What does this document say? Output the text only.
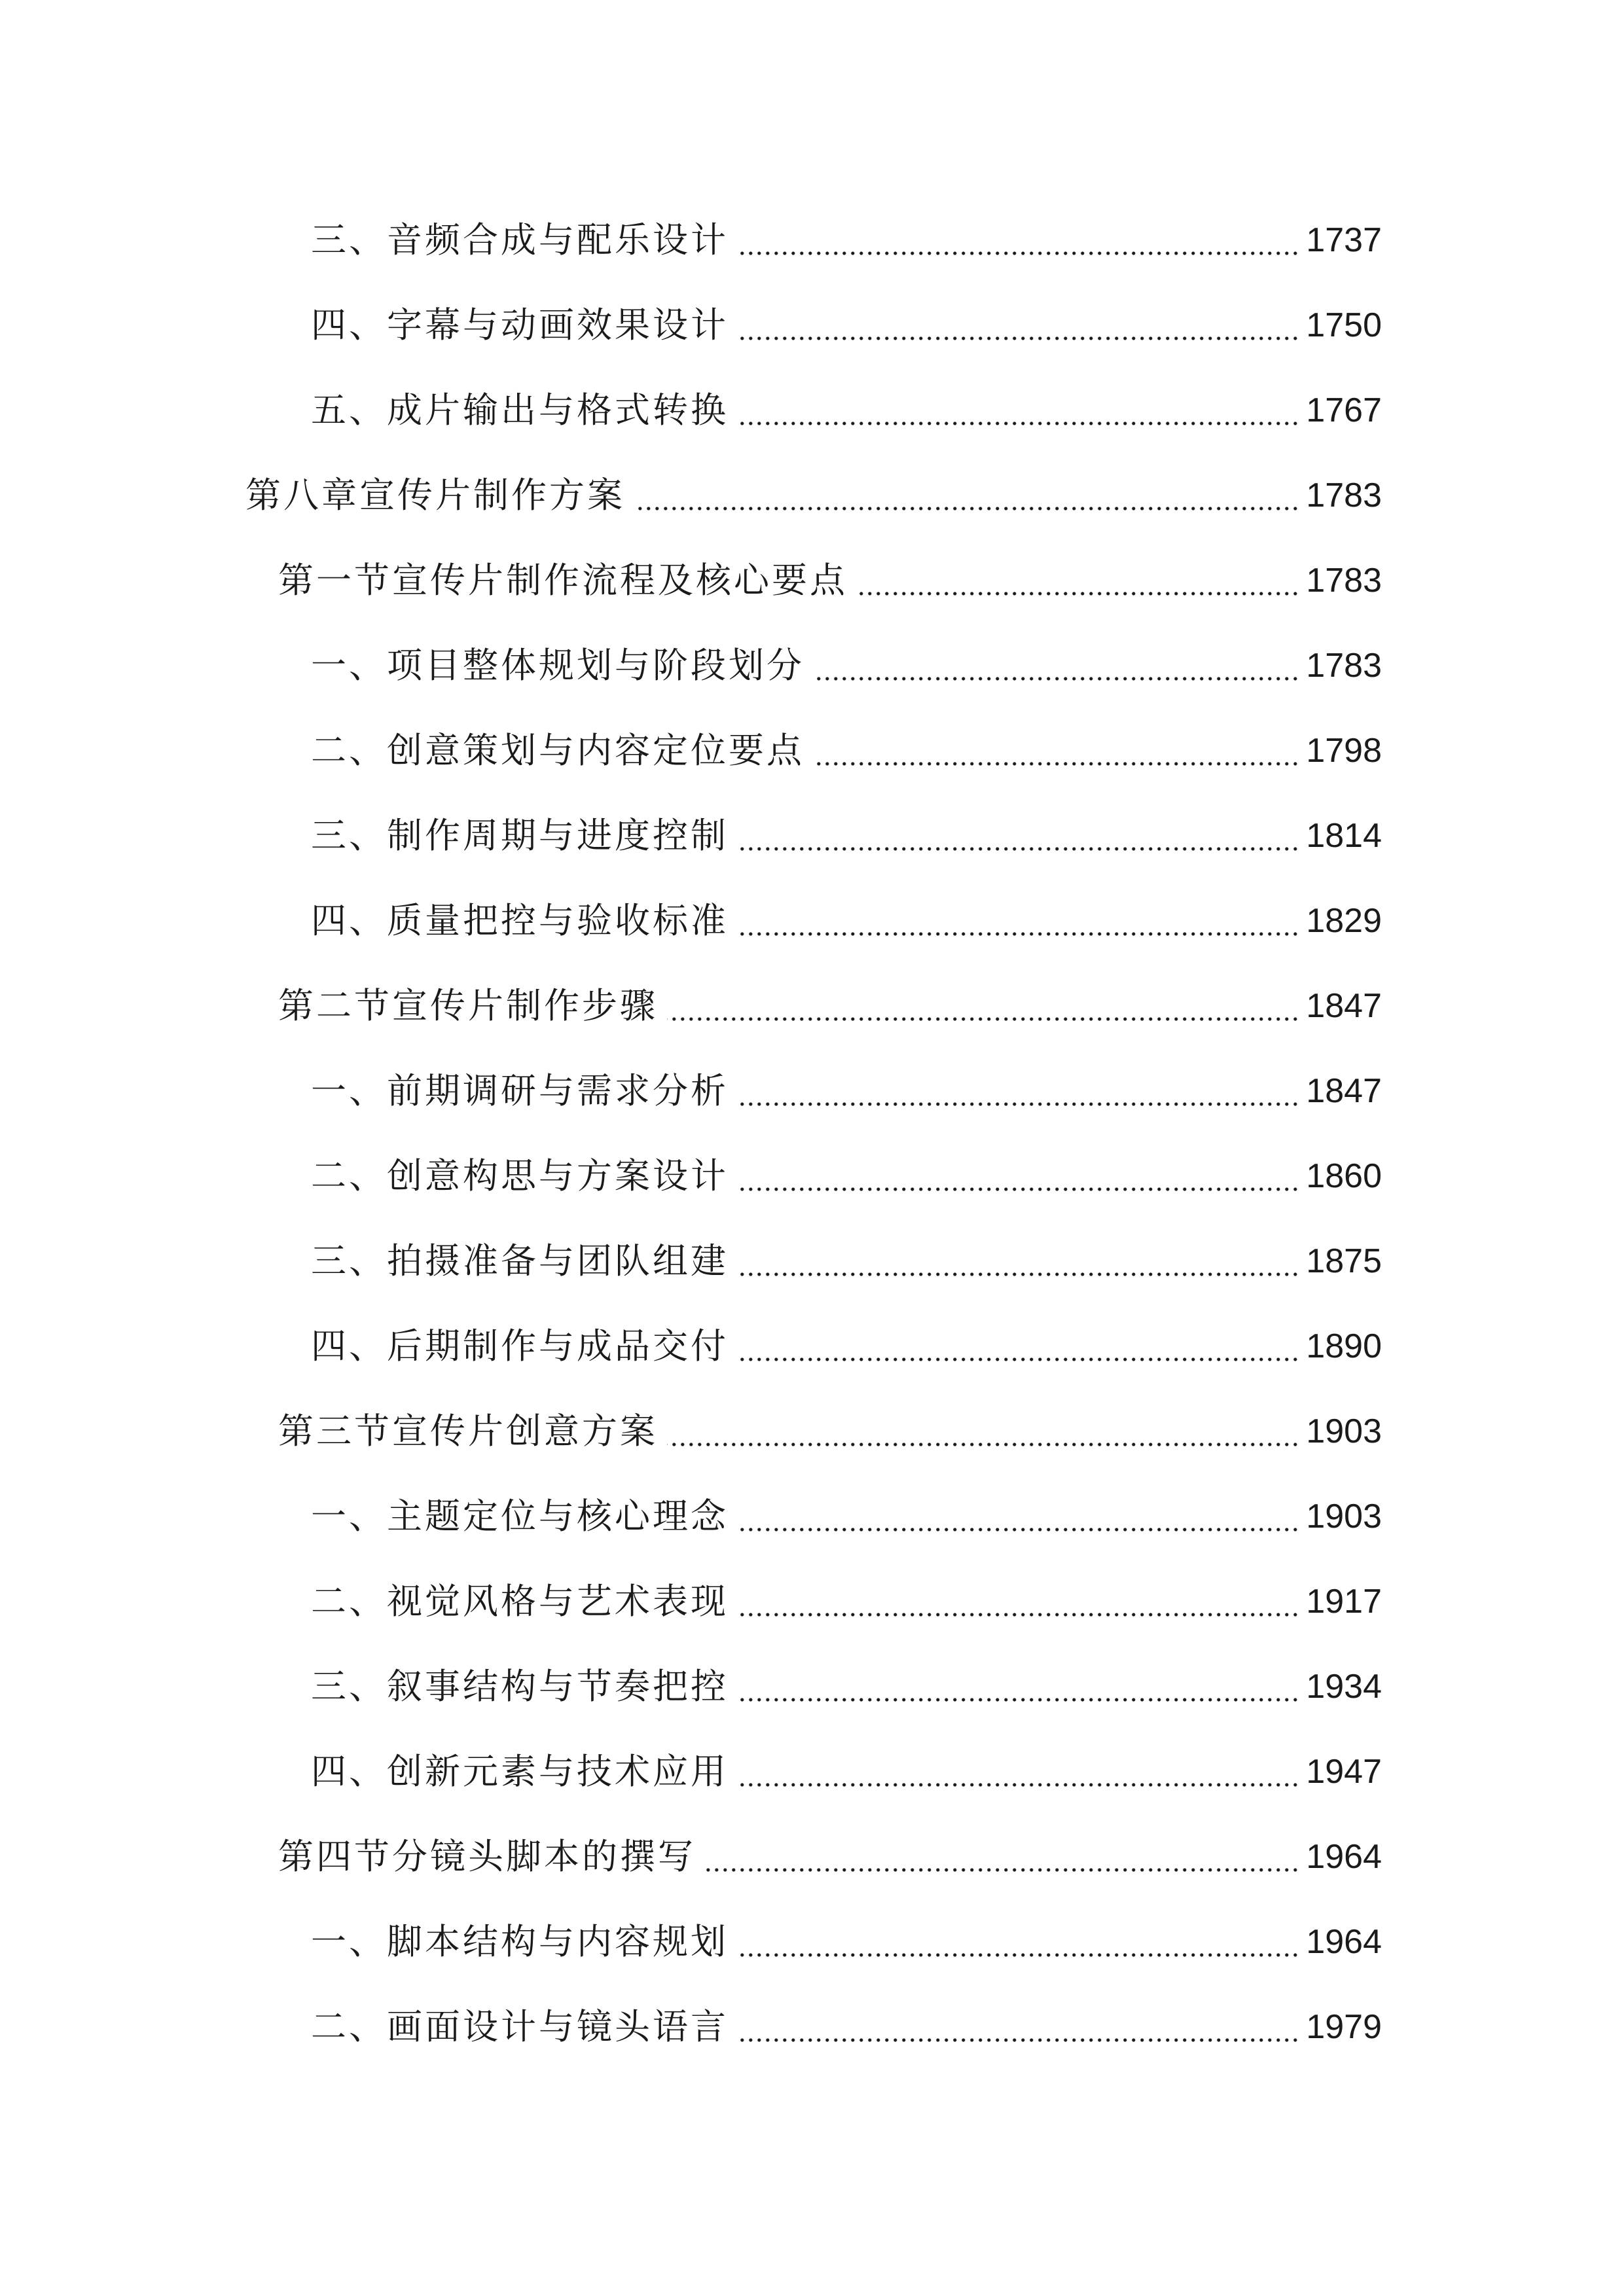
三、音频合成与配乐设计	1737
四、字幕与动画效果设计	1750
五、成片输出与格式转换	1767
第八章宣传片制作方案	1783
第一节宣传片制作流程及核心要点	1783
一、项目整体规划与阶段划分	1783
二、创意策划与内容定位要点	1798
三、制作周期与进度控制	1814
四、质量把控与验收标准	1829
第二节宣传片制作步骤	1847
一、前期调研与需求分析	1847
二、创意构思与方案设计	1860
三、拍摄准备与团队组建	1875
四、后期制作与成品交付	1890
第三节宣传片创意方案	1903
一、主题定位与核心理念	1903
二、视觉风格与艺术表现	1917
三、叙事结构与节奏把控	1934
四、创新元素与技术应用	1947
第四节分镜头脚本的撰写	1964
一、脚本结构与内容规划	1964
二、画面设计与镜头语言	1979
